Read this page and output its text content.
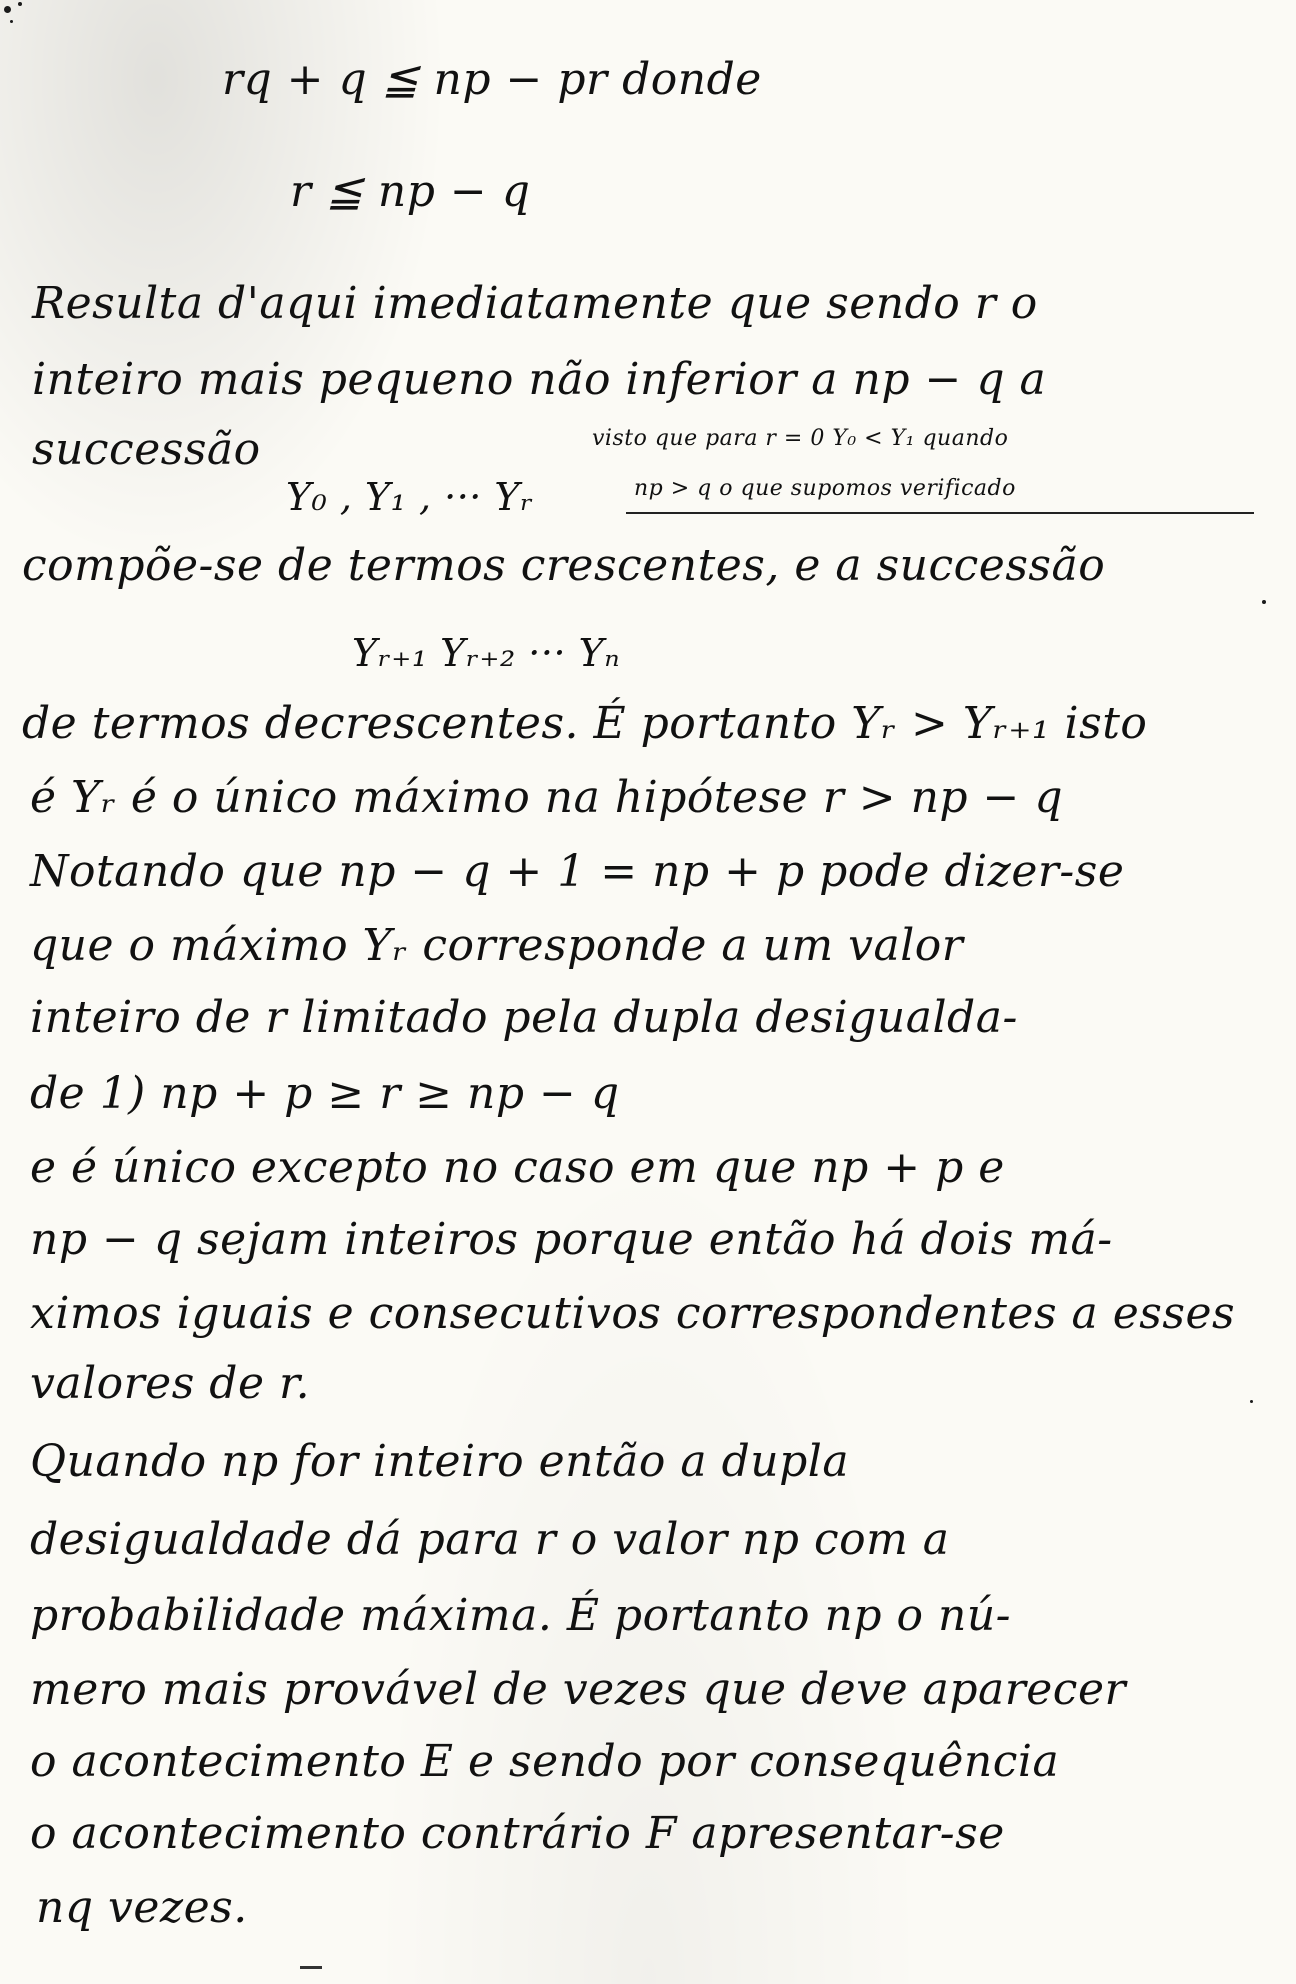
rq + q ≦ np − pr donde
r ≦ np − q
Resulta d'aqui imediatamente que sendo r o
inteiro mais pequeno não inferior a np − q a
successão	visto que para r = 0 Y₀ < Y₁ quando
Y₀ , Y₁ , ··· Yᵣ	np > q o que supomos verificado
compõe-se de termos crescentes, e a successão
Yᵣ₊₁ Yᵣ₊₂ ··· Yₙ
de termos decrescentes. É portanto Yᵣ > Yᵣ₊₁ isto
é Yᵣ é o único máximo na hipótese r > np − q
Notando que np − q + 1 = np + p pode dizer-se
que o máximo Yᵣ corresponde a um valor
inteiro de r limitado pela dupla desigualda-
de 1) np + p ≥ r ≥ np − q
e é único excepto no caso em que np + p e
np − q sejam inteiros porque então há dois má-
ximos iguais e consecutivos correspondentes a esses
valores de r.
Quando np for inteiro então a dupla
desigualdade dá para r o valor np com a
probabilidade máxima. É portanto np o nú-
mero mais provável de vezes que deve aparecer
o acontecimento E e sendo por consequência
o acontecimento contrário F apresentar-se
nq vezes.
